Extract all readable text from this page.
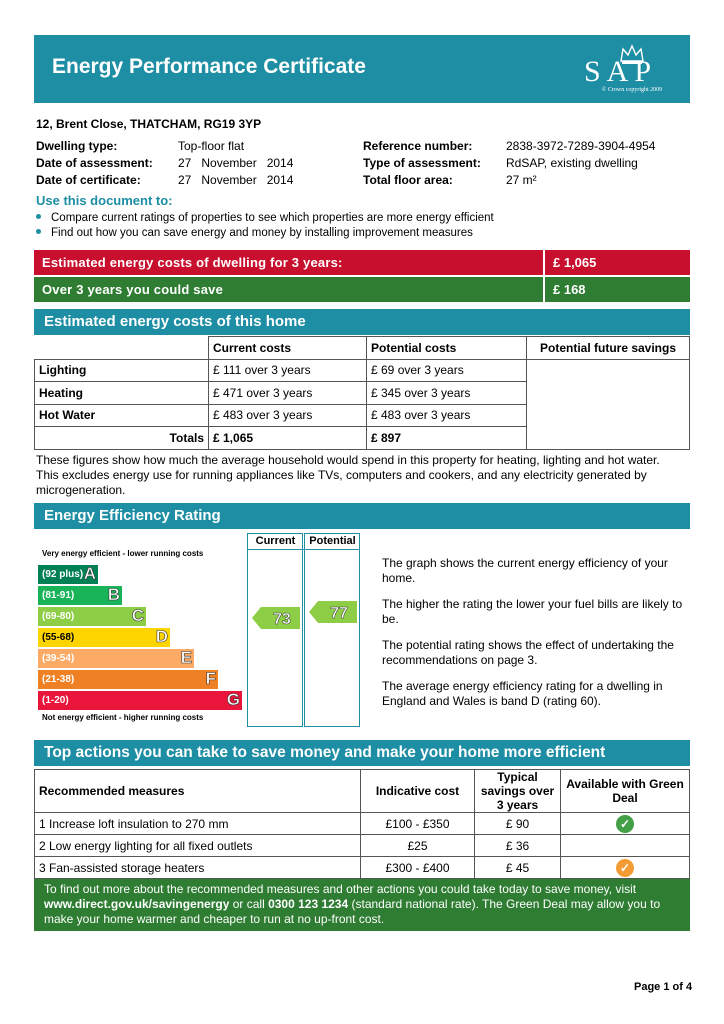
Energy Performance Certificate	SAP
© Crown copyright 2009
12, Brent Close, THATCHAM, RG19 3YP
Dwelling type:	Top-floor flat
Date of assessment: 27   November   2014
Date of certificate:	27   November   2014
Reference number:	2838-3972-7289-3904-4954
Type of assessment: RdSAP, existing dwelling
Total floor area:	27 m²
Use this document to:
Compare current ratings of properties to see which properties are more energy efficient
Find out how you can save energy and money by installing improvement measures
Estimated energy costs of dwelling for 3 years:	£ 1,065
Over 3 years you could save	£ 168
Estimated energy costs of this home
	Current costs	Potential costs	Potential future savings
Lighting	£ 111 over 3 years	£ 69 over 3 years	
Heating	£ 471 over 3 years	£ 345 over 3 years	
Hot Water	£ 483 over 3 years	£ 483 over 3 years	
Totals	£ 1,065	£ 897	
These figures show how much the average household would spend in this property for heating, lighting and hot water. This excludes energy use for running appliances like TVs, computers and cookers, and any electricity generated by microgeneration.
Energy Efficiency Rating
Current	Potential
Very energy efficient - lower running costs
Not energy efficient - higher running costs
(92 plus) A
(81-91) B
(69-80)	C
(55-68)	D
(39-54)	E
(21-38)	F
(1-20)	G
73 77

The graph shows the current energy efficiency of your home.

The higher the rating the lower your fuel bills are likely to be.

The potential rating shows the effect of undertaking the recommendations on page 3.

The average energy efficiency rating for a dwelling in England and Wales is band D (rating 60).

Top actions you can take to save money and make your home more efficient
Recommended measures	Indicative cost	Typical savings over 3 years	Available with Green Deal
1 Increase loft insulation to 270 mm	£100 - £350	£ 90	✓
2 Low energy lighting for all fixed outlets	£25	£ 36	
3 Fan-assisted storage heaters	£300 - £400	£ 45	✓
To find out more about the recommended measures and other actions you could take today to save money, visit www.direct.gov.uk/savingenergy or call 0300 123 1234 (standard national rate). The Green Deal may allow you to make your home warmer and cheaper to run at no up-front cost.
Page 1 of 4
